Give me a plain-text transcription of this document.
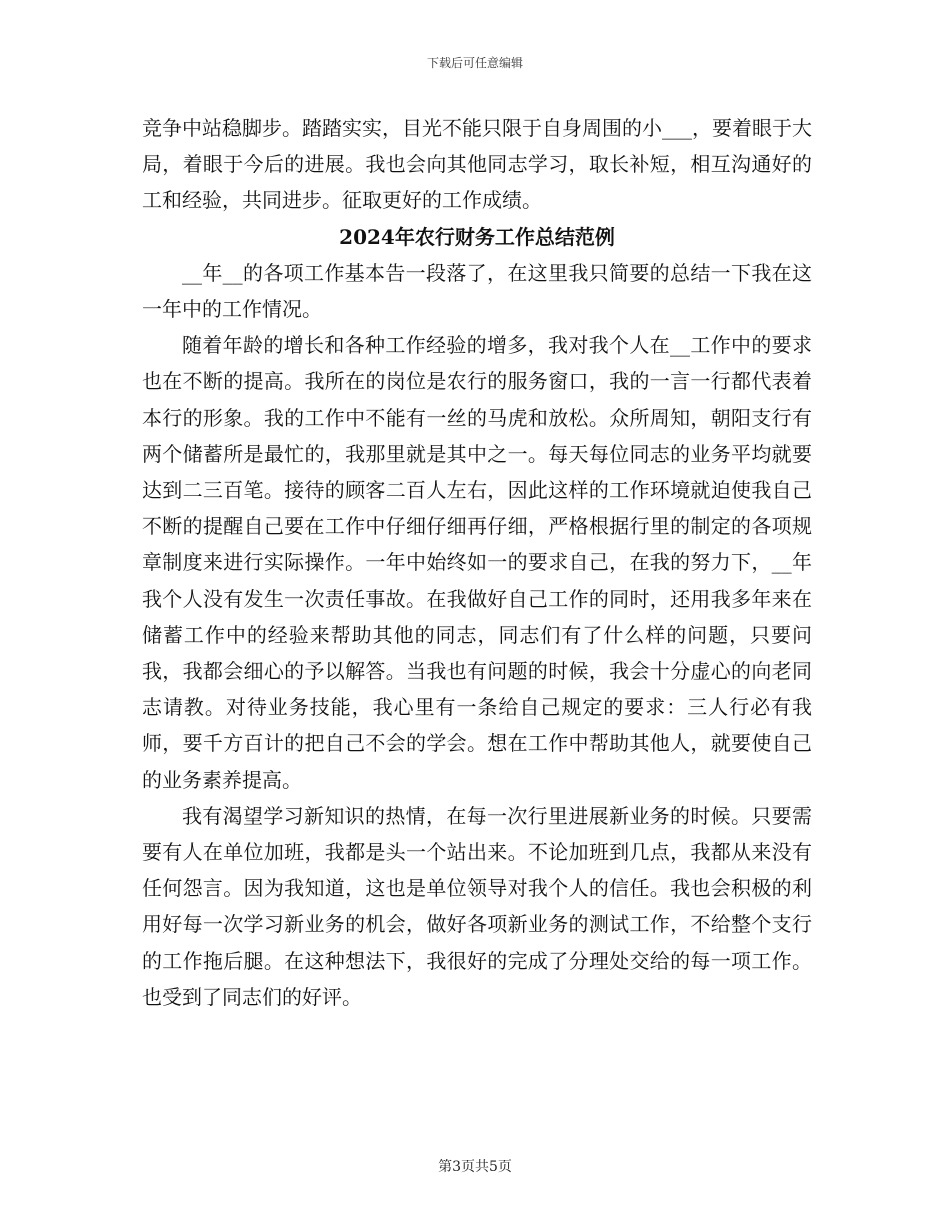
下载后可任意编辑

竞争中站稳脚步。踏踏实实，目光不能只限于自身周围的小___，要着眼于大局，着眼于今后的进展。我也会向其他同志学习，取长补短，相互沟通好的工和经验，共同进步。征取更好的工作成绩。

2024年农行财务工作总结范例

__年__的各项工作基本告一段落了，在这里我只简要的总结一下我在这一年中的工作情况。

随着年龄的增长和各种工作经验的增多，我对我个人在__工作中的要求也在不断的提高。我所在的岗位是农行的服务窗口，我的一言一行都代表着本行的形象。我的工作中不能有一丝的马虎和放松。众所周知，朝阳支行有两个储蓄所是最忙的，我那里就是其中之一。每天每位同志的业务平均就要达到二三百笔。接待的顾客二百人左右，因此这样的工作环境就迫使我自己不断的提醒自己要在工作中仔细仔细再仔细，严格根据行里的制定的各项规章制度来进行实际操作。一年中始终如一的要求自己，在我的努力下，__年我个人没有发生一次责任事故。在我做好自己工作的同时，还用我多年来在储蓄工作中的经验来帮助其他的同志，同志们有了什么样的问题，只要问我，我都会细心的予以解答。当我也有问题的时候，我会十分虚心的向老同志请教。对待业务技能，我心里有一条给自己规定的要求：三人行必有我师，要千方百计的把自己不会的学会。想在工作中帮助其他人，就要使自己的业务素养提高。

我有渴望学习新知识的热情，在每一次行里进展新业务的时候。只要需要有人在单位加班，我都是头一个站出来。不论加班到几点，我都从来没有任何怨言。因为我知道，这也是单位领导对我个人的信任。我也会积极的利用好每一次学习新业务的机会，做好各项新业务的测试工作，不给整个支行的工作拖后腿。在这种想法下，我很好的完成了分理处交给的每一项工作。也受到了同志们的好评。

第3页共5页
